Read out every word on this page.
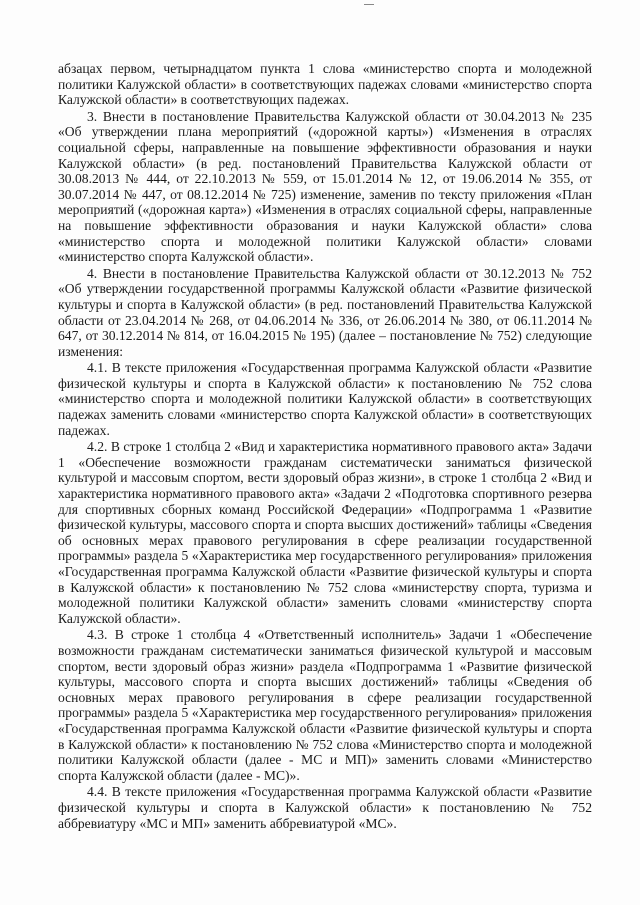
абзацах первом, четырнадцатом пункта 1 слова «министерство спорта и молодежной политики Калужской области» в соответствующих падежах словами «министерство спорта Калужской области» в соответствующих падежах.

3. Внести в постановление Правительства Калужской области от 30.04.2013 № 235 «Об утверждении плана мероприятий («дорожной карты») «Изменения в отраслях социальной сферы, направленные на повышение эффективности образования и науки Калужской области» (в ред. постановлений Правительства Калужской области от 30.08.2013 № 444, от 22.10.2013 № 559, от 15.01.2014 № 12, от 19.06.2014 № 355, от 30.07.2014 № 447, от 08.12.2014 № 725) изменение, заменив по тексту приложения «План мероприятий («дорожная карта») «Изменения в отраслях социальной сферы, направленные на повышение эффективности образования и науки Калужской области» слова «министерство спорта и молодежной политики Калужской области» словами «министерство спорта Калужской области».

4. Внести в постановление Правительства Калужской области от 30.12.2013 № 752 «Об утверждении государственной программы Калужской области «Развитие физической культуры и спорта в Калужской области» (в ред. постановлений Правительства Калужской области от 23.04.2014 № 268, от 04.06.2014 № 336, от 26.06.2014 № 380, от 06.11.2014 № 647, от 30.12.2014 № 814, от 16.04.2015 № 195) (далее – постановление № 752) следующие изменения:

4.1. В тексте приложения «Государственная программа Калужской области «Развитие физической культуры и спорта в Калужской области» к постановлению № 752 слова «министерство спорта и молодежной политики Калужской области» в соответствующих падежах заменить словами «министерство спорта Калужской области» в соответствующих падежах.

4.2. В строке 1 столбца 2 «Вид и характеристика нормативного правового акта» Задачи 1 «Обеспечение возможности гражданам систематически заниматься физической культурой и массовым спортом, вести здоровый образ жизни», в строке 1 столбца 2 «Вид и характеристика нормативного правового акта» «Задачи 2 «Подготовка спортивного резерва для спортивных сборных команд Российской Федерации» «Подпрограмма 1 «Развитие физической культуры, массового спорта и спорта высших достижений» таблицы «Сведения об основных мерах правового регулирования в сфере реализации государственной программы» раздела 5 «Характеристика мер государственного регулирования» приложения «Государственная программа Калужской области «Развитие физической культуры и спорта в Калужской области» к постановлению № 752 слова «министерству спорта, туризма и молодежной политики Калужской области» заменить словами «министерству спорта Калужской области».

4.3. В строке 1 столбца 4 «Ответственный исполнитель» Задачи 1 «Обеспечение возможности гражданам систематически заниматься физической культурой и массовым спортом, вести здоровый образ жизни» раздела «Подпрограмма 1 «Развитие физической культуры, массового спорта и спорта высших достижений» таблицы «Сведения об основных мерах правового регулирования в сфере реализации государственной программы» раздела 5 «Характеристика мер государственного регулирования» приложения «Государственная программа Калужской области «Развитие физической культуры и спорта в Калужской области» к постановлению № 752 слова «Министерство спорта и молодежной политики Калужской области (далее - МС и МП)» заменить словами «Министерство спорта Калужской области (далее - МС)».

4.4. В тексте приложения «Государственная программа Калужской области «Развитие физической культуры и спорта в Калужской области» к постановлению № 752 аббревиатуру «МС и МП» заменить аббревиатурой «МС».
